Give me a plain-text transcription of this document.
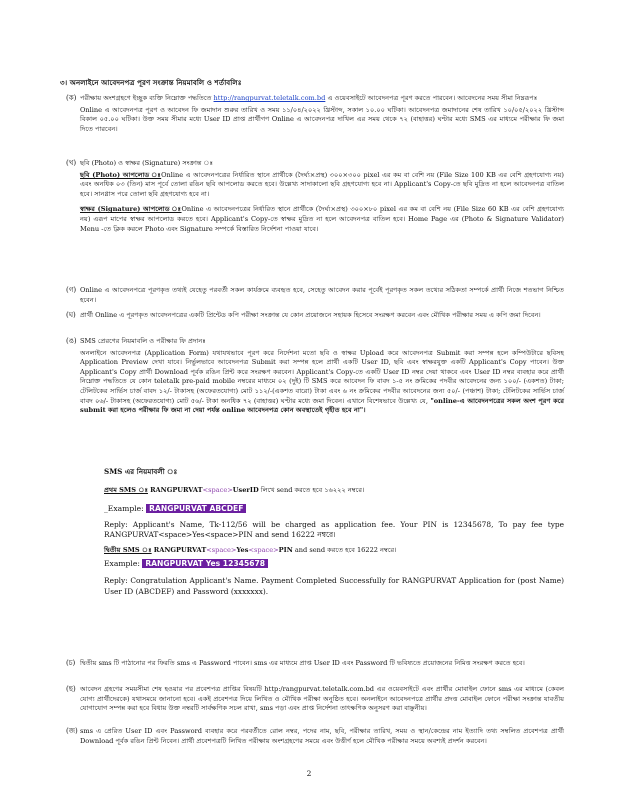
৩। অনলাইনে আবেদনপত্র পূরণ সংক্রান্ত নিয়মাবলি ও শর্তাবলিঃ
(ক) পরীক্ষায় অংশগ্রহণে ইচ্ছুক ব্যক্তি নিম্নোক্ত পদ্ধতিতে http://rangpurvat.teletalk.com.bd এ ওয়েবসাইটে আবেদনপত্র পূরণ করতে পারবেন। আবেদনের সময় সীমা নিম্নরূপঃ

Online এ আবেদনপত্র পূরণ ও আবেদন ফি জমাদান শুরুর তারিখ ও সময় ১১/০৪/২০২২ খ্রিস্টাব্দ, সকাল ১০.০০ ঘটিকা। আবেদনপত্র জমাদানের শেষ তারিখ ১০/০৫/২০২২ খ্রিস্টাব্দ বিকাল ০৫.০০ ঘটিকা। উক্ত সময় সীমার মধ্যে User ID প্রাপ্ত প্রার্থীগণ Online এ আবেদনপত্র দাখিল এর সময় থেকে ৭২ (বাহাত্তর) ঘণ্টার মধ্যে SMS এর মাধ্যমে পরীক্ষার ফি জমা দিতে পারবেন।

(খ) ছবি (Photo) ও স্বাক্ষর (Signature) সংক্রান্ত ঃ

ছবি (Photo) আপলোড ঃOnline এ আবেদনপত্রের নির্ধারিত স্থানে প্রার্থীকে (দৈর্ঘ্য×প্রস্থ) ৩০০×৩০০ pixel এর কম বা বেশি নয় (File Size 100 KB এর বেশি গ্রহণযোগ্য নয়) এবং অনধিক ০৩ (তিন) মাস পূর্বে তোলা রঙিন ছবি আপলোড করতে হবে। উল্লেখ্য সাদাকালো ছবি গ্রহণযোগ্য হবে না। Applicant's Copy-তে ছবি মুদ্রিত না হলে আবেদনপত্র বাতিল হবে। সানগ্লাস পরে তোলা ছবি গ্রহণযোগ্য হবে না।

স্বাক্ষর (Signature) আপলোড ঃOnline এ আবেদনপত্রের নির্ধারিত স্থানে প্রার্থীকে (দৈর্ঘ্য×প্রস্থ) ৩০০×৮০ pixel এর কম বা বেশি নয় (File Size 60 KB এর বেশি গ্রহণযোগ্য নয়) এরূপ মাপের স্বাক্ষর আপলোড করতে হবে। Applicant's Copy-তে স্বাক্ষর মুদ্রিত না হলে আবেদনপত্র বাতিল হবে। Home Page এর (Photo & Signature Validator) Menu -তে ক্লিক করলে Photo এবং Signature সম্পর্কে বিস্তারিত নির্দেশনা পাওয়া যাবে।

(গ) Online এ আবেদনপত্রে পূরণকৃত তথ্যই যেহেতু পরবর্তী সকল কার্যক্রমে ব্যবহৃত হবে, সেহেতু আবেদন করার পূর্বেই পূরণকৃত সকল তথ্যের সঠিকতা সম্পর্কে প্রার্থী নিজে শতভাগ নিশ্চিত হবেন।

(ঘ) প্রার্থী Online এ পূরণকৃত আবেদনপত্রের একটি প্রিন্টেড কপি পরীক্ষা সংক্রান্ত যে কোন প্রয়োজনে সহায়ক হিসেবে সংরক্ষণ করবেন এবং মৌখিক পরীক্ষার সময় এ কপি জমা দিবেন।

(ঙ) SMS প্রেরণের নিয়মাবলি ও পরীক্ষার ফি প্রদানঃ

অনলাইনে আবেদনপত্র (Application Form) যথাযথভাবে পূরণ করে নির্দেশনা মতো ছবি ও স্বাক্ষর Upload করে আবেদনপত্র Submit করা সম্পন্ন হলে কম্পিউটারে ছবিসহ Application Preview দেখা যাবে। নির্ভুলভাবে আবেদনপত্র Submit করা সম্পন্ন হলে প্রার্থী একটি User ID, ছবি এবং স্বাক্ষরযুক্ত একটি Applicant's Copy পাবেন। উক্ত Applicant's Copy প্রার্থী Download পূর্বক রঙিন প্রিন্ট করে সংরক্ষণ করবেন। Applicant's Copy-তে একটি User ID নম্বর দেয়া থাকবে এবং User ID নম্বর ব্যবহার করে প্রার্থী নিম্নোক্ত পদ্ধতিতে যে কোন teletalk pre-paid mobile নম্বরের মাধ্যমে ০২ (দুই) টি SMS করে আবেদন ফি বাবদ ১-৫ নং ক্রমিকের পদবীর আবেদনের জন্য ১০০/- (একশত) টাকা; টেলিটকের সার্ভিস চার্জ বাবদ ১২/- টাকাসহ (অফেরতযোগ্য) মোট ১১২/-(একশত বারো) টাকা এবং ৬ নং ক্রমিকের পদবীর আবেদনের জন্য ৫০/- (পঞ্চাশ) টাকা; টেলিটকের সার্ভিস চার্জ বাবদ ০৬/- টাকাসহ (অফেরতযোগ্য) মোট ৫৬/- টাকা অনধিক ৭২ (বাহাত্তর) ঘণ্টার মধ্যে জমা দিবেন। এখানে বিশেষভাবে উল্লেখ্য যে, "online-এ আবেদনপত্রের সকল অংশ পূরণ করে submit করা হলেও পরীক্ষার ফি জমা না দেয়া পর্যন্ত online আবেদনপত্র কোন অবস্থাতেই গৃহীত হবে না"।

SMS এর নিয়মাবলী ঃ

প্রথম SMS ঃ RANGPURVAT<space>UserID লিখে send করতে হবে ১৬২২২ নম্বরে।

_Example: RANGPURVAT ABCDEF

Reply: Applicant's Name, Tk-112/56 will be charged as application fee. Your PIN is 12345678, To pay fee type RANGPURVAT<space>Yes<space>PIN and send 16222 নম্বরে।

দ্বিতীয় SMS ঃ RANGPURVAT<space>Yes<space>PIN and send করতে হবে 16222 নম্বরে।

Example: RANGPURVAT Yes 12345678

Reply: Congratulation Applicant's Name. Payment Completed Successfully for RANGPURVAT Application for (post Name) User ID (ABCDEF) and Password (xxxxxxx).

(চ) দ্বিতীয় sms টি পাঠানোর পর ফিরতি sms এ Password পাবেন। sms এর মাধ্যমে প্রাপ্ত User ID এবং Password টি ভবিষ্যতে প্রয়োজনের নিমিত্ত সংরক্ষণ করতে হবে।

(ছ) আবেদন গ্রহণের সময়সীমা শেষ হওয়ার পর প্রবেশপত্র প্রাপ্তির বিষয়টি http:/rangpurvat.teletalk.com.bd এর ওয়েবসাইটে এবং প্রার্থীর মোবাইল ফোনে sms এর মাধ্যমে (কেবল যোগ্য প্রার্থীদেরকে) যথাসময়ে জানানো হবে। একই প্রবেশপত্র দিয়ে লিখিত ও মৌখিক পরীক্ষা অনুষ্ঠিত হবে। অনলাইনে আবেদনপত্রে প্রার্থীর প্রদত্ত মোবাইল ফোনে পরীক্ষা সংক্রান্ত যাবতীয় যোগাযোগ সম্পন্ন করা হবে বিধায় উক্ত নম্বরটি সার্বক্ষণিক সচল রাখা, sms পড়া এবং প্রাপ্ত নির্দেশনা তাৎক্ষণিক অনুসরণ করা বাঞ্ছনীয়।

(জ) sms এ প্রেরিত User ID এবং Password ব্যবহার করে পরবর্তীতে রোল নম্বর, পদের নাম, ছবি, পরীক্ষার তারিখ, সময় ও স্থান/কেন্দ্রের নাম ইত্যাদি তথ্য সম্বলিত প্রবেশপত্র প্রার্থী Download পূর্বক রঙিন প্রিন্ট নিবেন। প্রার্থী প্রবেশপত্রটি লিখিত পরীক্ষায় অংশগ্রহণের সময়ে এবং উত্তীর্ণ হলে মৌখিক পরীক্ষার সময়ে অবশ্যই প্রদর্শন করবেন।

2
